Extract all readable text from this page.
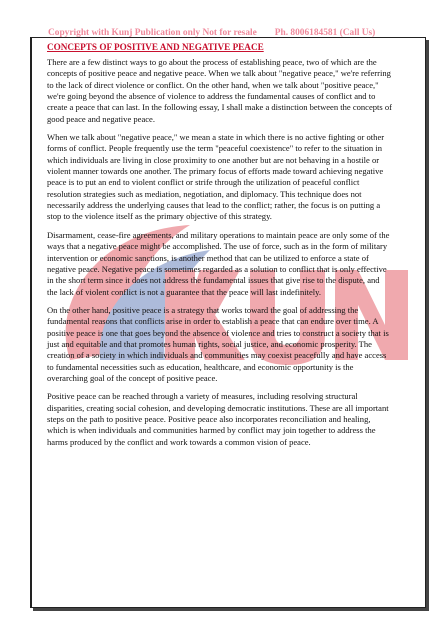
Copyright with Kunj Publication only Not for resale Ph. 8006184581 (Call Us)
CONCEPTS OF POSITIVE AND NEGATIVE PEACE

There are a few distinct ways to go about the process of establishing peace, two of which are the concepts of positive peace and negative peace. When we talk about "negative peace," we're referring to the lack of direct violence or conflict. On the other hand, when we talk about "positive peace," we're going beyond the absence of violence to address the fundamental causes of conflict and to create a peace that can last. In the following essay, I shall make a distinction between the concepts of good peace and negative peace.

When we talk about "negative peace," we mean a state in which there is no active fighting or other forms of conflict. People frequently use the term "peaceful coexistence" to refer to the situation in which individuals are living in close proximity to one another but are not behaving in a hostile or violent manner towards one another. The primary focus of efforts made toward achieving negative peace is to put an end to violent conflict or strife through the utilization of peaceful conflict resolution strategies such as mediation, negotiation, and diplomacy. This technique does not necessarily address the underlying causes that lead to the conflict; rather, the focus is on putting a stop to the violence itself as the primary objective of this strategy.

Disarmament, cease-fire agreements, and military operations to maintain peace are only some of the ways that a negative peace might be accomplished. The use of force, such as in the form of military intervention or economic sanctions, is another method that can be utilized to enforce a state of negative peace. Negative peace is sometimes regarded as a solution to conflict that is only effective in the short term since it does not address the fundamental issues that give rise to the dispute, and the lack of violent conflict is not a guarantee that the peace will last indefinitely.

On the other hand, positive peace is a strategy that works toward the goal of addressing the fundamental reasons that conflicts arise in order to establish a peace that can endure over time. A positive peace is one that goes beyond the absence of violence and tries to construct a society that is just and equitable and that promotes human rights, social justice, and economic prosperity. The creation of a society in which individuals and communities may coexist peacefully and have access to fundamental necessities such as education, healthcare, and economic opportunity is the overarching goal of the concept of positive peace.

Positive peace can be reached through a variety of measures, including resolving structural disparities, creating social cohesion, and developing democratic institutions. These are all important steps on the path to positive peace. Positive peace also incorporates reconciliation and healing, which is when individuals and communities harmed by conflict may join together to address the harms produced by the conflict and work towards a common vision of peace.
